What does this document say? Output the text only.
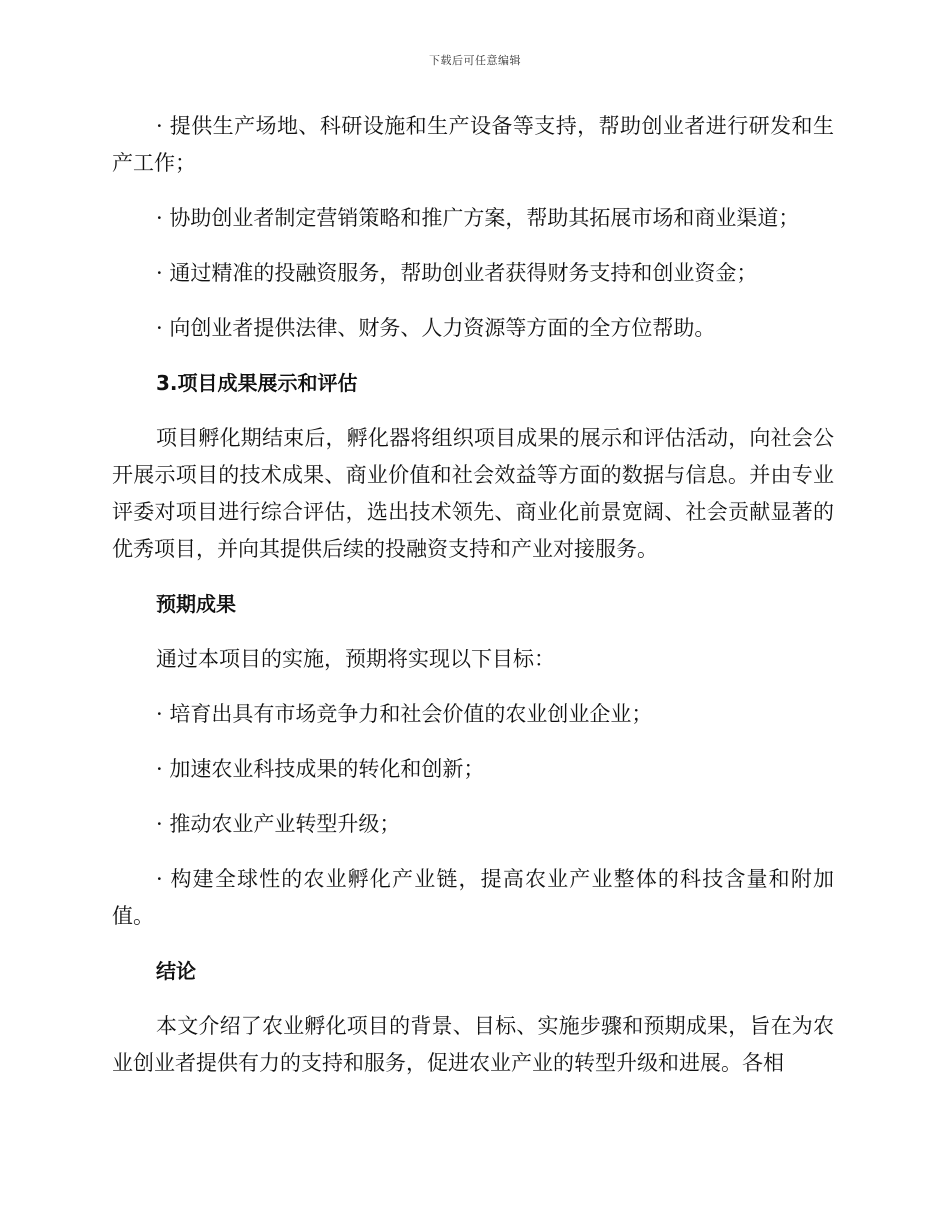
下载后可任意编辑

· 提供生产场地、科研设施和生产设备等支持，帮助创业者进行研发和生产工作；

· 协助创业者制定营销策略和推广方案，帮助其拓展市场和商业渠道；

· 通过精准的投融资服务，帮助创业者获得财务支持和创业资金；

· 向创业者提供法律、财务、人力资源等方面的全方位帮助。

3.项目成果展示和评估

项目孵化期结束后，孵化器将组织项目成果的展示和评估活动，向社会公开展示项目的技术成果、商业价值和社会效益等方面的数据与信息。并由专业评委对项目进行综合评估，选出技术领先、商业化前景宽阔、社会贡献显著的优秀项目，并向其提供后续的投融资支持和产业对接服务。

预期成果

通过本项目的实施，预期将实现以下目标：

· 培育出具有市场竞争力和社会价值的农业创业企业；

· 加速农业科技成果的转化和创新；

· 推动农业产业转型升级；

· 构建全球性的农业孵化产业链，提高农业产业整体的科技含量和附加值。

结论

本文介绍了农业孵化项目的背景、目标、实施步骤和预期成果，旨在为农业创业者提供有力的支持和服务，促进农业产业的转型升级和进展。各相
